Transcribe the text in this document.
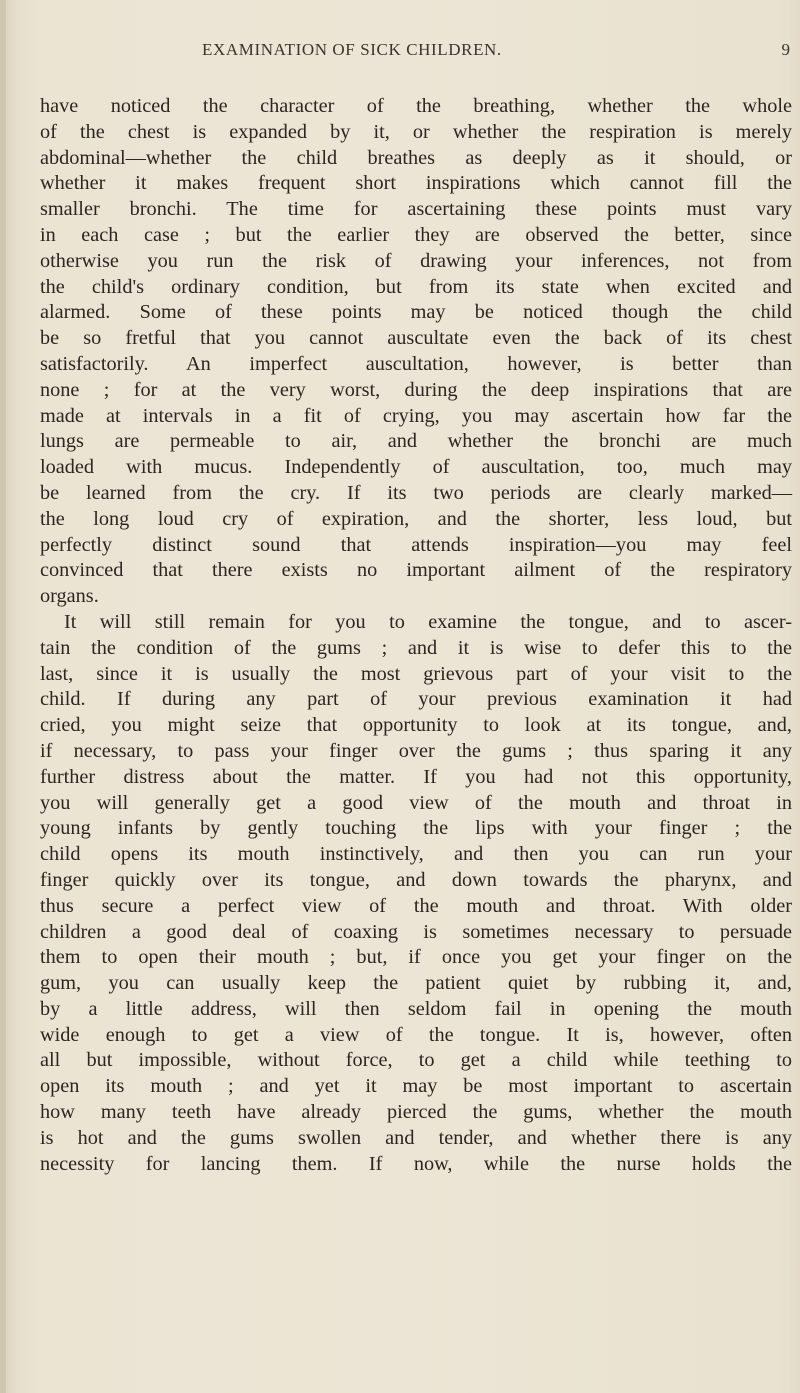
EXAMINATION OF SICK CHILDREN.	9
have noticed the character of the breathing, whether the whole
of the chest is expanded by it, or whether the respiration is merely
abdominal—whether the child breathes as deeply as it should, or
whether it makes frequent short inspirations which cannot fill the
smaller bronchi. The time for ascertaining these points must vary
in each case ; but the earlier they are observed the better, since
otherwise you run the risk of drawing your inferences, not from
the child's ordinary condition, but from its state when excited and
alarmed. Some of these points may be noticed though the child
be so fretful that you cannot auscultate even the back of its chest
satisfactorily. An imperfect auscultation, however, is better than
none ; for at the very worst, during the deep inspirations that are
made at intervals in a fit of crying, you may ascertain how far the
lungs are permeable to air, and whether the bronchi are much
loaded with mucus. Independently of auscultation, too, much may
be learned from the cry. If its two periods are clearly marked—
the long loud cry of expiration, and the shorter, less loud, but
perfectly distinct sound that attends inspiration—you may feel
convinced that there exists no important ailment of the respiratory
organs.
It will still remain for you to examine the tongue, and to ascer-
tain the condition of the gums ; and it is wise to defer this to the
last, since it is usually the most grievous part of your visit to the
child. If during any part of your previous examination it had
cried, you might seize that opportunity to look at its tongue, and,
if necessary, to pass your finger over the gums ; thus sparing it any
further distress about the matter. If you had not this opportunity,
you will generally get a good view of the mouth and throat in
young infants by gently touching the lips with your finger ; the
child opens its mouth instinctively, and then you can run your
finger quickly over its tongue, and down towards the pharynx, and
thus secure a perfect view of the mouth and throat. With older
children a good deal of coaxing is sometimes necessary to persuade
them to open their mouth ; but, if once you get your finger on the
gum, you can usually keep the patient quiet by rubbing it, and,
by a little address, will then seldom fail in opening the mouth
wide enough to get a view of the tongue. It is, however, often
all but impossible, without force, to get a child while teething to
open its mouth ; and yet it may be most important to ascertain
how many teeth have already pierced the gums, whether the mouth
is hot and the gums swollen and tender, and whether there is any
necessity for lancing them. If now, while the nurse holds the
